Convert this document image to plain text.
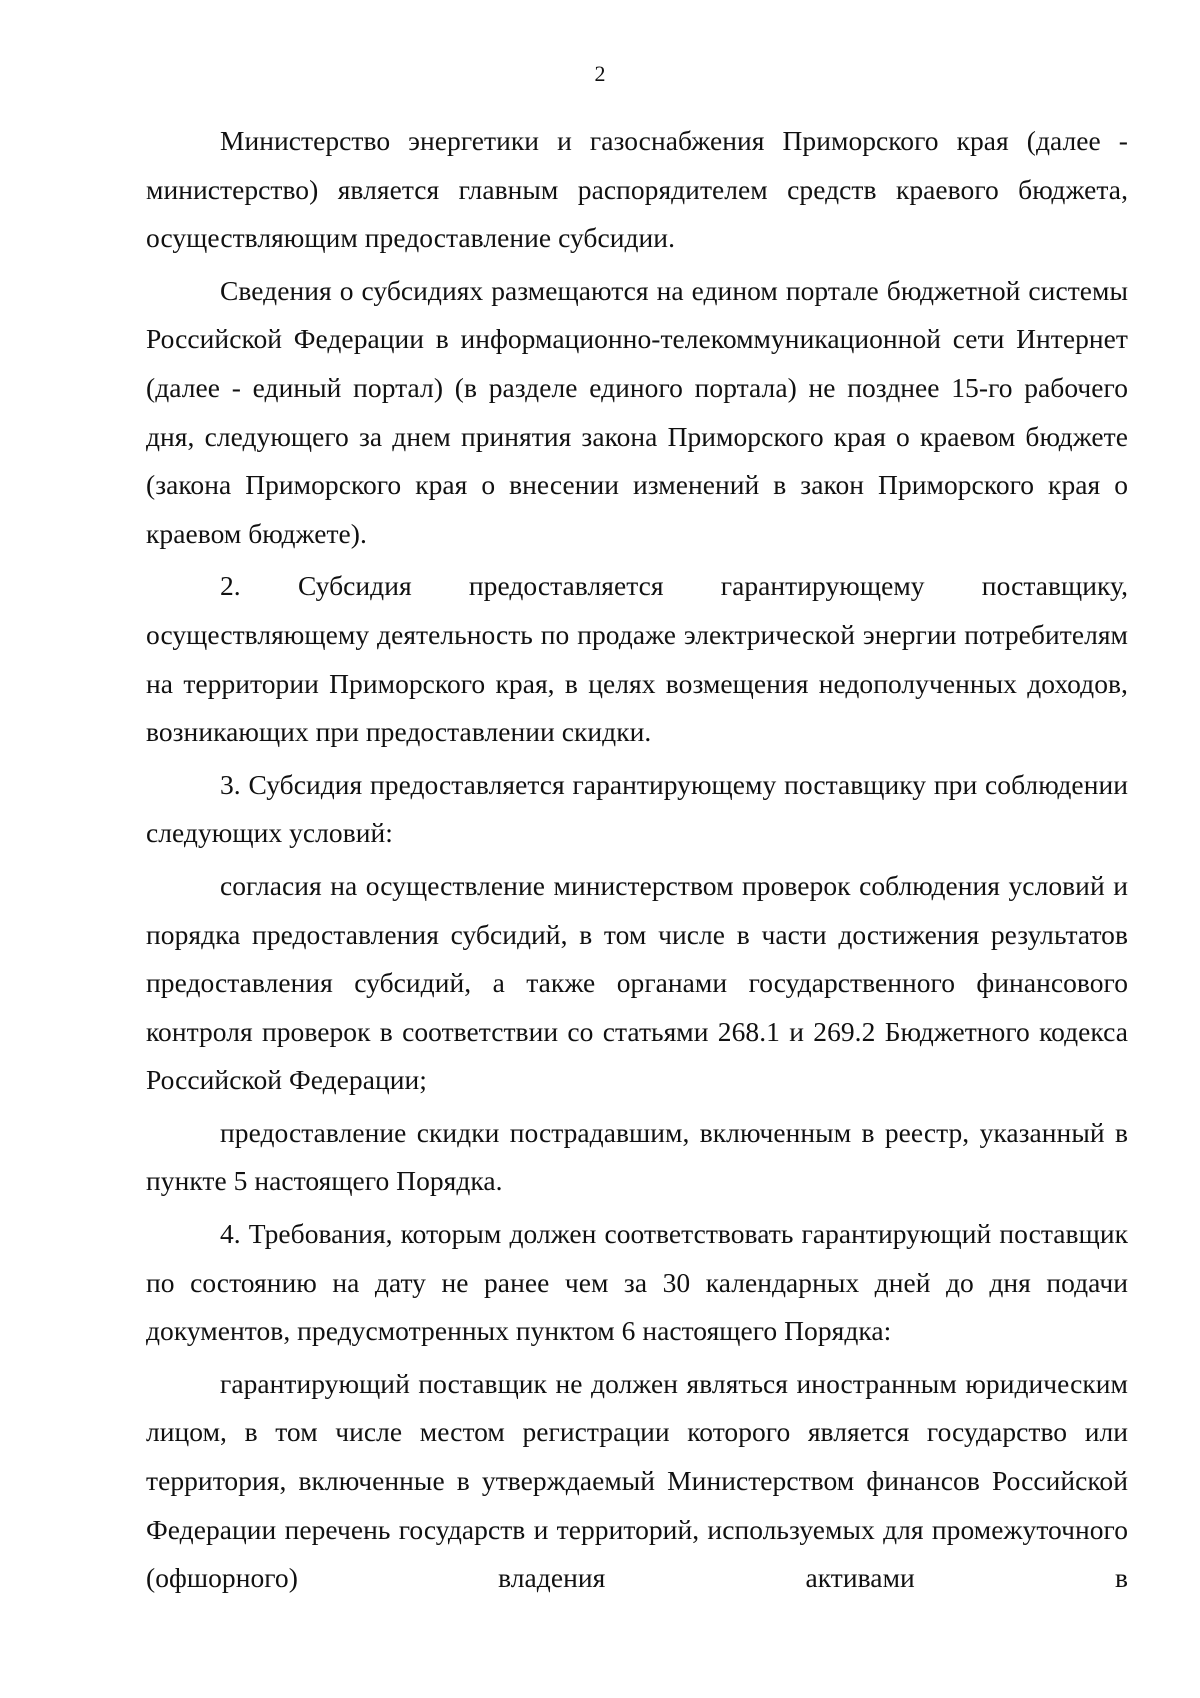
2

Министерство энергетики и газоснабжения Приморского края (далее - министерство) является главным распорядителем средств краевого бюджета, осуществляющим предоставление субсидии.

Сведения о субсидиях размещаются на едином портале бюджетной системы Российской Федерации в информационно-телекоммуникационной сети Интернет (далее - единый портал) (в разделе единого портала) не позднее 15-го рабочего дня, следующего за днем принятия закона Приморского края о краевом бюджете (закона Приморского края о внесении изменений в закон Приморского края о краевом бюджете).

2. Субсидия предоставляется гарантирующему поставщику, осуществляющему деятельность по продаже электрической энергии потребителям на территории Приморского края, в целях возмещения недополученных доходов, возникающих при предоставлении скидки.

3. Субсидия предоставляется гарантирующему поставщику при соблюдении следующих условий:

согласия на осуществление министерством проверок соблюдения условий и порядка предоставления субсидий, в том числе в части достижения результатов предоставления субсидий, а также органами государственного финансового контроля проверок в соответствии со статьями 268.1 и 269.2 Бюджетного кодекса Российской Федерации;

предоставление скидки пострадавшим, включенным в реестр, указанный в пункте 5 настоящего Порядка.

4. Требования, которым должен соответствовать гарантирующий поставщик по состоянию на дату не ранее чем за 30 календарных дней до дня подачи документов, предусмотренных пунктом 6 настоящего Порядка:

гарантирующий поставщик не должен являться иностранным юридическим лицом, в том числе местом регистрации которого является государство или территория, включенные в утверждаемый Министерством финансов Российской Федерации перечень государств и территорий, используемых для промежуточного (офшорного) владения активами в
